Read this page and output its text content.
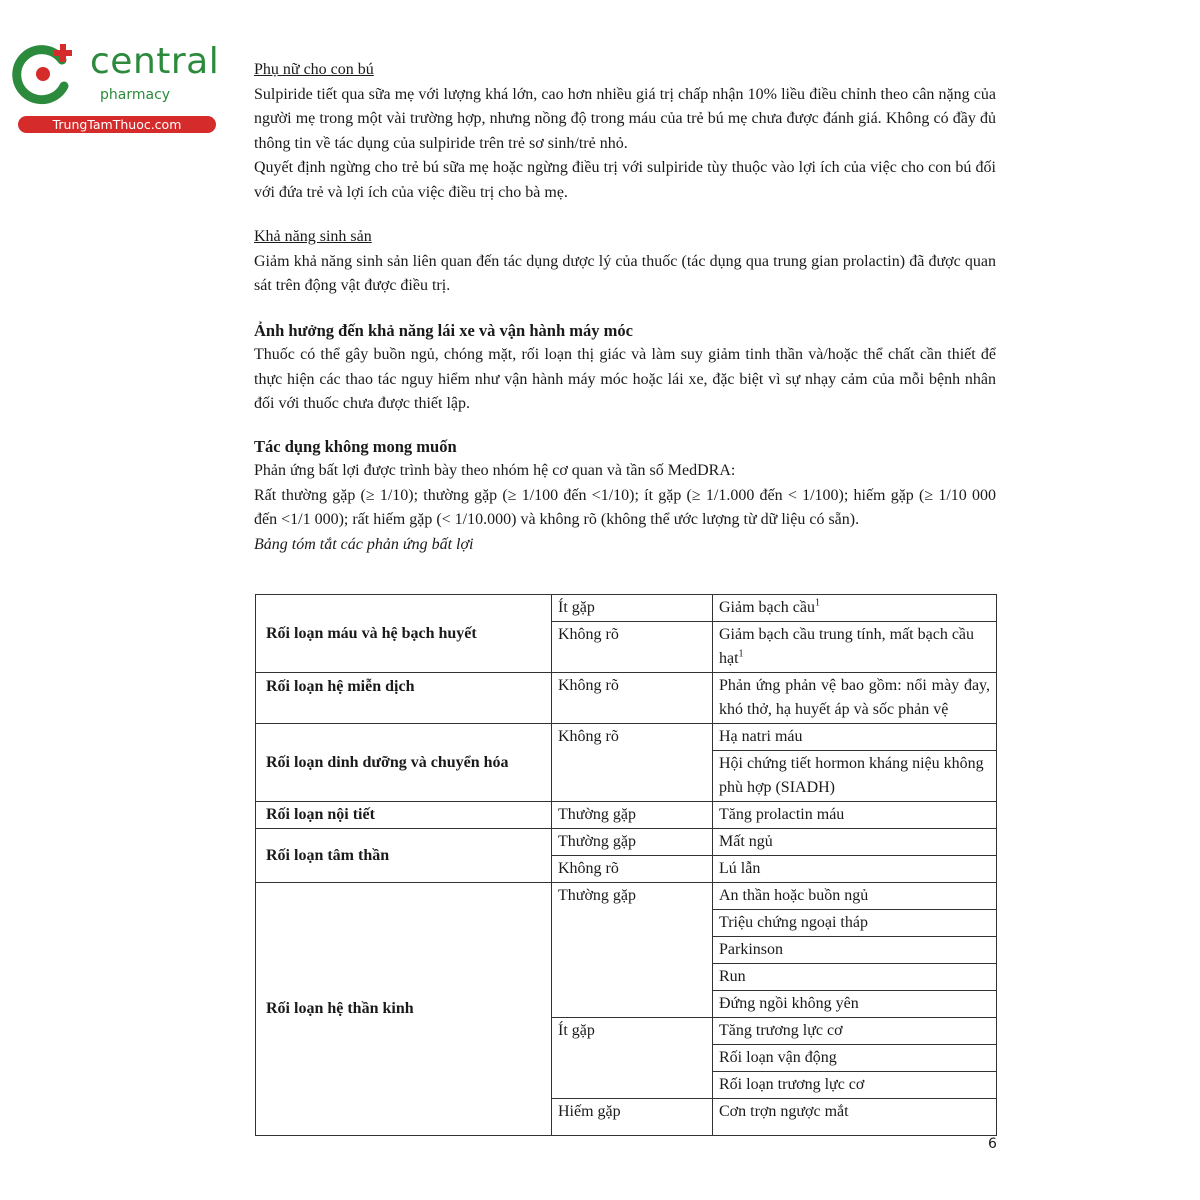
central
pharmacy
TrungTamThuoc.com

Phụ nữ cho con bú

Sulpiride tiết qua sữa mẹ với lượng khá lớn, cao hơn nhiều giá trị chấp nhận 10% liều điều chỉnh theo cân nặng của người mẹ trong một vài trường hợp, nhưng nồng độ trong máu của trẻ bú mẹ chưa được đánh giá. Không có đầy đủ thông tin về tác dụng của sulpiride trên trẻ sơ sinh/trẻ nhỏ.

Quyết định ngừng cho trẻ bú sữa mẹ hoặc ngừng điều trị với sulpiride tùy thuộc vào lợi ích của việc cho con bú đối với đứa trẻ và lợi ích của việc điều trị cho bà mẹ.

Khả năng sinh sản

Giảm khả năng sinh sản liên quan đến tác dụng dược lý của thuốc (tác dụng qua trung gian prolactin) đã được quan sát trên động vật được điều trị.

Ảnh hưởng đến khả năng lái xe và vận hành máy móc

Thuốc có thể gây buồn ngủ, chóng mặt, rối loạn thị giác và làm suy giảm tinh thần và/hoặc thể chất cần thiết để thực hiện các thao tác nguy hiểm như vận hành máy móc hoặc lái xe, đặc biệt vì sự nhạy cảm của mỗi bệnh nhân đối với thuốc chưa được thiết lập.

Tác dụng không mong muốn

Phản ứng bất lợi được trình bày theo nhóm hệ cơ quan và tần số MedDRA:

Rất thường gặp (≥ 1/10); thường gặp (≥ 1/100 đến <1/10); ít gặp (≥ 1/1.000 đến < 1/100); hiếm gặp (≥ 1/10 000 đến <1/1 000); rất hiếm gặp (< 1/10.000) và không rõ (không thể ước lượng từ dữ liệu có sẵn).

Bảng tóm tắt các phản ứng bất lợi

Rối loạn máu và hệ bạch huyết	Ít gặp	Giảm bạch cầu$^1$
	Không rõ	Giảm bạch cầu trung tính, mất bạch cầu hạt$^1$
Rối loạn hệ miễn dịch	Không rõ	Phản ứng phản vệ bao gồm: nổi mày đay, khó thở, hạ huyết áp và sốc phản vệ
Rối loạn dinh dưỡng và chuyển hóa	Không rõ	Hạ natri máu
		Hội chứng tiết hormon kháng niệu không phù hợp (SIADH)
Rối loạn nội tiết	Thường gặp	Tăng prolactin máu
Rối loạn tâm thần	Thường gặp	Mất ngủ
	Không rõ	Lú lẫn
Rối loạn hệ thần kinh	Thường gặp	An thần hoặc buồn ngủ
		Triệu chứng ngoại tháp
		Parkinson
		Run
		Đứng ngồi không yên
	Ít gặp	Tăng trương lực cơ
		Rối loạn vận động
		Rối loạn trương lực cơ
	Hiếm gặp	Cơn trợn ngược mắt
6
